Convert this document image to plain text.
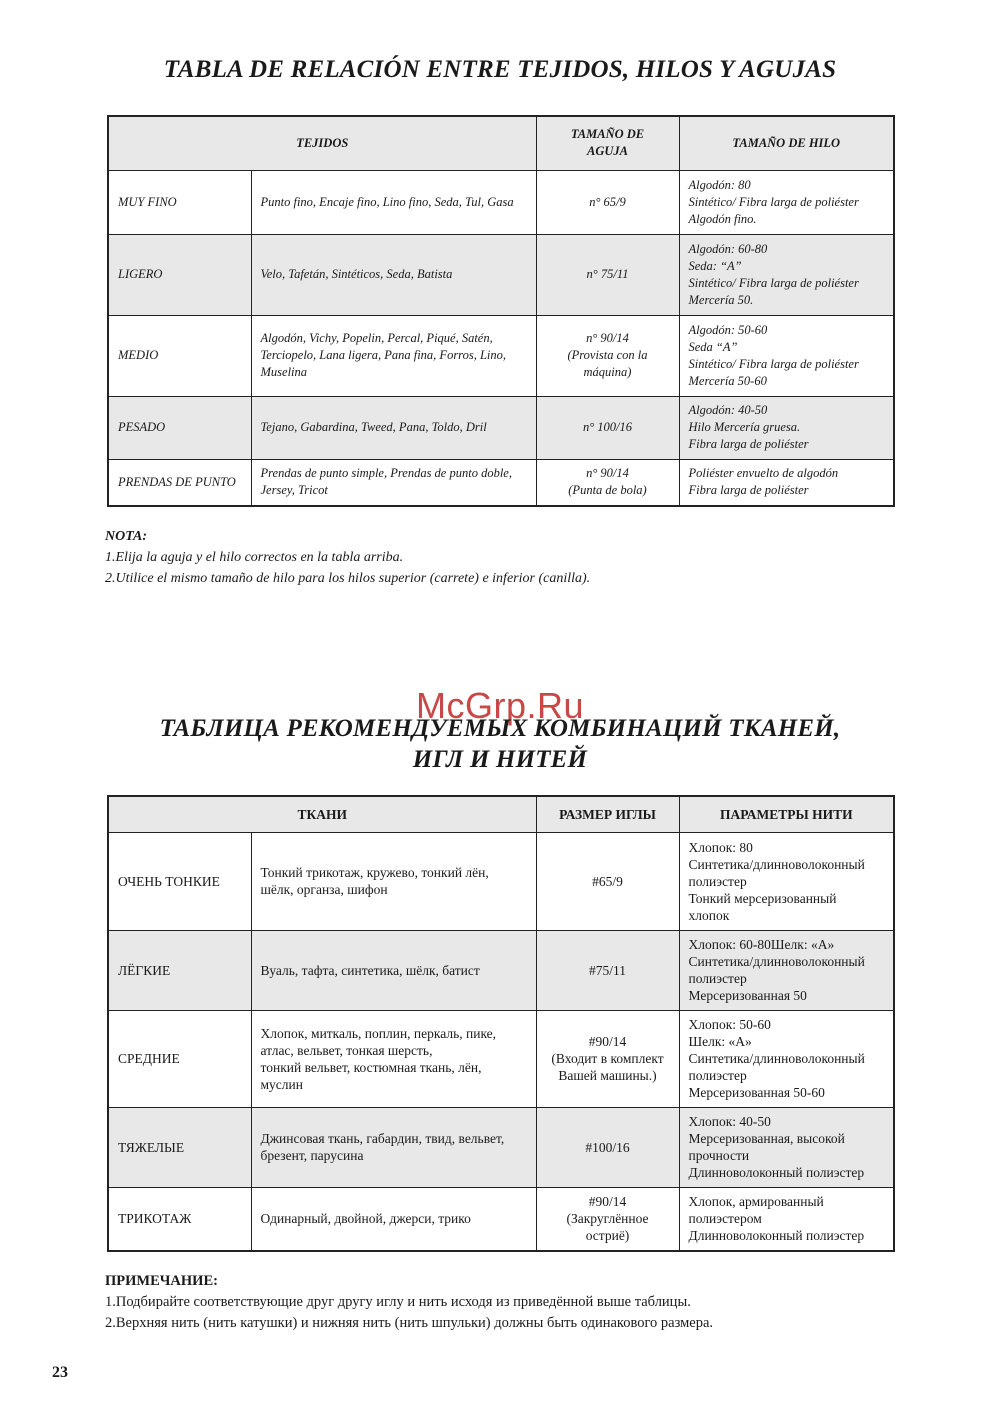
TABLA DE RELACIÓN ENTRE TEJIDOS, HILOS Y AGUJAS
TEJIDOS		TAMAÑO DE
AGUJA	TAMAÑO DE HILO
MUY FINO	Punto fino, Encaje fino, Lino fino, Seda, Tul, Gasa	n° 65/9	Algodón: 80
Sintético/ Fibra larga de poliéster
Algodón fino.

LIGERO	Velo, Tafetán, Sintéticos, Seda, Batista	n° 75/11	Algodón: 60-80
Seda: “A”
Sintético/ Fibra larga de poliéster
Mercería 50.

MEDIO	Algodón, Vichy, Popelin, Percal, Piqué, Satén, Terciopelo, Lana ligera, Pana fina, Forros, Lino, Muselina	n° 90/14
(Provista con la
máquina)	Algodón: 50-60
Seda “A”
Sintético/ Fibra larga de poliéster
Mercería 50-60

PESADO	Tejano, Gabardina, Tweed, Pana, Toldo, Dril	n° 100/16	Algodón: 40-50
Hilo Mercería gruesa.
Fibra larga de poliéster

PRENDAS DE PUNTO	Prendas de punto simple, Prendas de punto doble, Jersey, Tricot	n° 90/14
(Punta de bola)	Poliéster envuelto de algodón
Fibra larga de poliéster
NOTA:
1.Elija la aguja y el hilo correctos en la tabla arriba.
2.Utilice el mismo tamaño de hilo para los hilos superior (carrete) e inferior (canilla).
McGrp.Ru
ТАБЛИЦА РЕКОМЕНДУЕМЫХ КОМБИНАЦИЙ ТКАНЕЙ,
ИГЛ И НИТЕЙ
ТКАНИ		РАЗМЕР ИГЛЫ	ПАРАМЕТРЫ НИТИ
ОЧЕНЬ ТОНКИЕ	Тонкий трикотаж, кружево, тонкий лён,
шёлк, органза, шифон	#65/9	Хлопок: 80
Синтетика/длинноволоконный
полиэстер
Тонкий мерсеризованный
хлопок

ЛЁГКИЕ	Вуаль, тафта, синтетика, шёлк, батист	#75/11	Хлопок: 60-80Шелк: «A»
Синтетика/длинноволоконный
полиэстер
Мерсеризованная 50

СРЕДНИЕ	Хлопок, миткаль, поплин, перкаль, пике,
атлас, вельвет, тонкая шерсть,
тонкий вельвет, костюмная ткань, лён,
муслин	#90/14
(Входит в комплект
Вашей машины.)	Хлопок: 50-60
Шелк: «A»
Синтетика/длинноволоконный
полиэстер
Мерсеризованная 50-60

ТЯЖЕЛЫЕ	Джинсовая ткань, габардин, твид, вельвет,
брезент, парусина	#100/16	Хлопок: 40-50
Мерсеризованная, высокой
прочности
Длинноволоконный полиэстер

ТРИКОТАЖ	Одинарный, двойной, джерси, трико	#90/14
(Закруглённое
остриё)	Хлопок, армированный
полиэстером
Длинноволоконный полиэстер
ПРИМЕЧАНИЕ:
1.Подбирайте соответствующие друг другу иглу и нить исходя из приведённой выше таблицы.
2.Верхняя нить (нить катушки) и нижняя нить (нить шпульки) должны быть одинакового размера.
23
